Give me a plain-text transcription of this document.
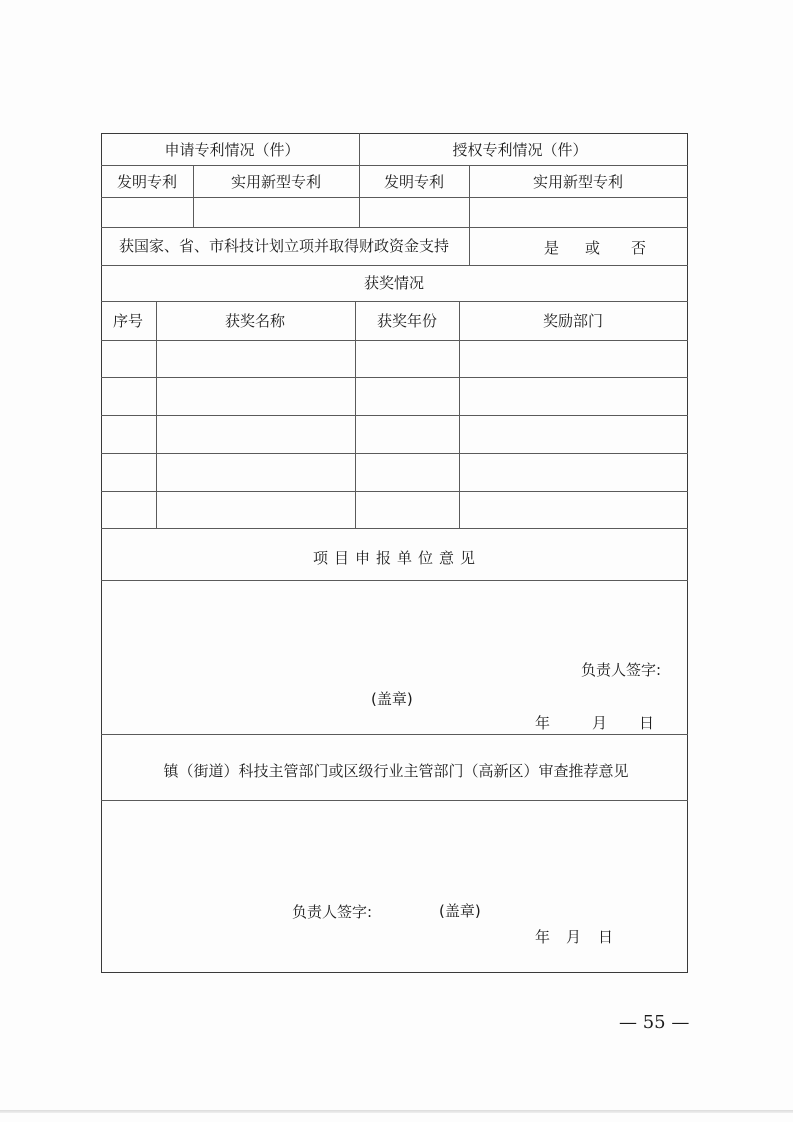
申请专利情况（件）	授权专利情况（件）
发明专利	实用新型专利	发明专利	实用新型专利
获国家、省、市科技计划立项并取得财政资金支持	是 或 否
获奖情况
序号	获奖名称	获奖年份	奖励部门
项目申报单位意见
负责人签字:
(盖章)
年	月 日
镇（街道）科技主管部门或区级行业主管部门（高新区）审查推荐意见
负责人签字:	(盖章)
年 月 日
— 55 —
